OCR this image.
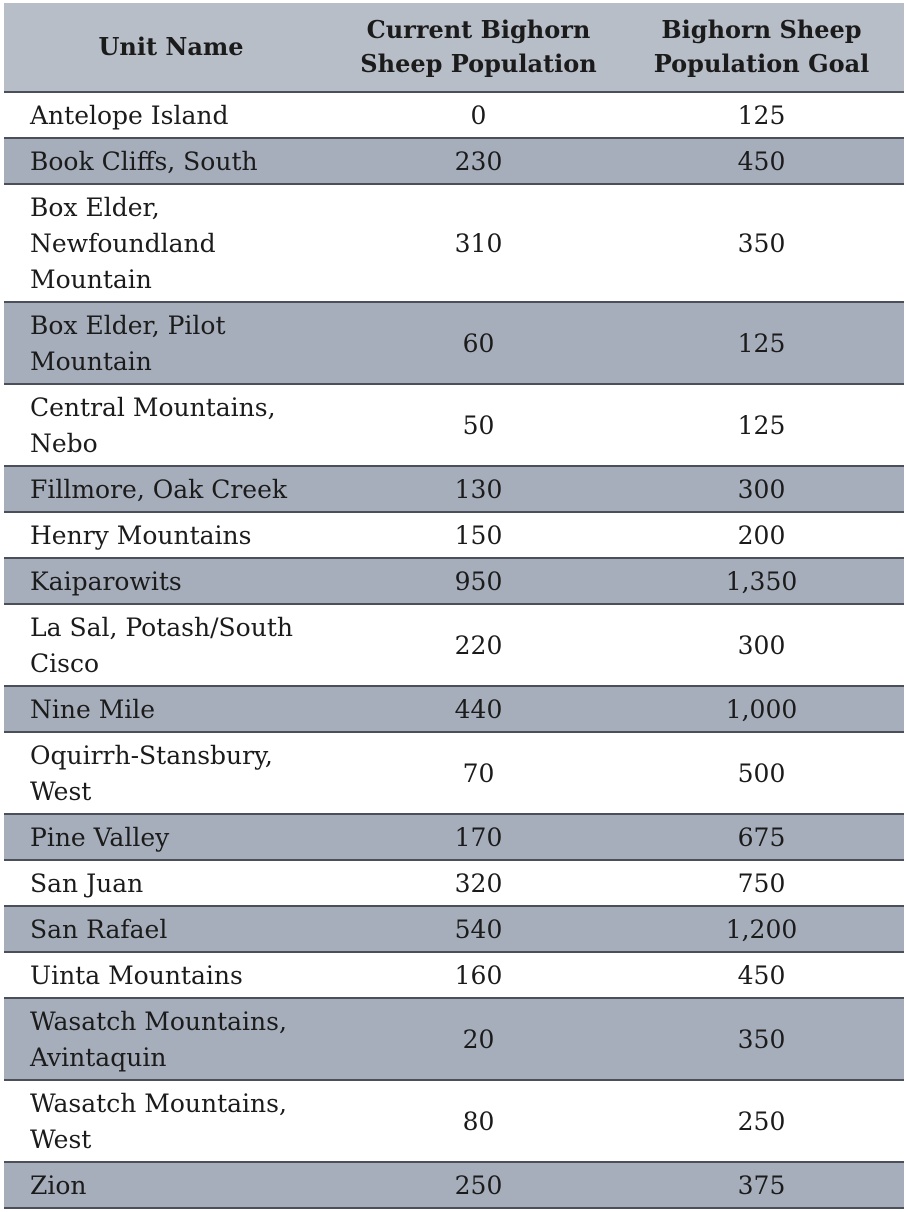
Unit Name	Current Bighorn Sheep Population	Bighorn Sheep Population Goal
Antelope Island	0	125
Book Cliffs, South	230	450
Box Elder, Newfoundland Mountain	310	350
Box Elder, Pilot Mountain	60	125
Central Mountains, Nebo	50	125
Fillmore, Oak Creek	130	300
Henry Mountains	150	200
Kaiparowits	950	1,350
La Sal, Potash/South Cisco	220	300
Nine Mile	440	1,000
Oquirrh-Stansbury, West	70	500
Pine Valley	170	675
San Juan	320	750
San Rafael	540	1,200
Uinta Mountains	160	450
Wasatch Mountains, Avintaquin	20	350
Wasatch Mountains, West	80	250
Zion	250	375
